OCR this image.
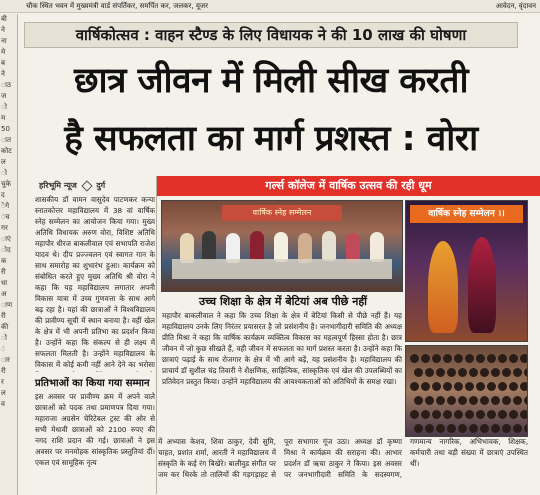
चौक स्थित भवन में मुख्यमंत्री वार्ड संपर्तिकर, समर्पित कर, जलकर, यूजर	आवेदन, वृंदावन
बी
ने
ना
मे
ब
ने
ाठ
ज
ो
म
50
ात
कोट
ल
ो
चुके
द
ेंगे
ंच
गर
ाएं
ोद
क
री
धा
अ
ाण
री
की
ो
ं
ार
री
र
ल
व
वार्षिकोत्सव : वाहन स्टैण्ड के लिए विधायक ने की 10 लाख की घोषणा
छात्र जीवन में मिली सीख करती
है सफलता का मार्ग प्रशस्त : वोरा
हरिभूमि न्यूज दुर्ग
शासकीय डॉ वामन वासुदेव पाटणकर कन्या स्नातकोत्तर महाविद्यालय में 38 वां वार्षिक स्नेह सम्मेलन का आयोजन किया गया। मुख्य अतिथि विधायक अरुण वोरा, विशिष्ट अतिथि महापौर धीरज बाकलीवाल एवं सभापति राजेश यादव थे। दीप प्रज्ज्वलन एवं स्वागत गान के साथ समारोह का शुभारंभ हुआ। कार्यक्रम को संबोधित करते हुए मुख्य अतिथि श्री वोरा ने कहा कि यह महाविद्यालय लगातार अपनी विकास यात्रा में उच्च गुणवत्ता के साथ आगे बढ़ रहा है। यहां की छात्राओं ने विश्वविद्यालय की प्रावीण्य सूची में स्थान बनाया है। वहीं खेल के क्षेत्र में भी अपनी प्रतिभा का प्रदर्शन किया है। उन्होंने कहा कि संकल्प से ही लक्ष्य में सफलता मिलती है। उन्होंने महाविद्यालय के विकास में कोई कमी नहीं आने देने का भरोसा
प्रतिभाओं का किया गया सम्मान
इस अवसर पर प्रावीण्य क्रम में अपने वाले छात्राओं को पदक तथा प्रमाणपत्र दिया गया। महाराजा अग्रसेन चेरिटेबल ट्रस्ट की ओर से सभी मेधावी छात्राओं को 2100 रुपए की नगद राशि प्रदान की गई। छात्राओं ने इस अवसर पर मनमोहक सांस्कृतिक प्रस्तुतियां दीं। एकल एवं सामूहिक नृत्य
गर्ल्स कॉलेज में वार्षिक उत्सव की रही धूम
वार्षिक स्नेह सम्मेलन	वार्षिक स्नेह सम्मेलन ।।
उच्च शिक्षा के क्षेत्र में बेटियां अब पीछे नहीं
महापौर बाकलीवाल ने कहा कि उच्च शिक्षा के क्षेत्र में बेटियां किसी से पीछे नहीं हैं। यह महाविद्यालय उनके लिए निरंतर प्रयासरत है जो प्रसंशनीय है। जनभागीदारी समिति की अध्यक्ष प्रीति मिश्रा ने कहा कि वार्षिक कार्यक्रम व्यक्तित्व विकास का महत्वपूर्ण हिस्सा होता है। छात्र जीवन में जो कुछ सीखते हैं, वही जीवन में सफलता का मार्ग प्रशस्त करता है। उन्होंने कहा कि छात्राएं पढ़ाई के साथ रोजगार के क्षेत्र में भी आगे बढ़ें, यह प्रसंशनीय है। महाविद्यालय की प्राचार्य डॉ सुशील चंद्र तिवारी ने शैक्षणिक, साहित्यिक, सांस्कृतिक एवं खेल की उपलब्धियों का प्रतिवेदन प्रस्तुत किया। उन्होंने महाविद्यालय की आवश्यकताओं को अतिथियों के समक्ष रखा।
में अभ्यास केशव, शिवा ठाकुर, देवी सुमि, चाहत, प्रशांत शर्मा, आरती ने महाविद्यालय में संस्कृति के कई रंग बिखेरे। बालीवुड संगीत पर जम कर थिरके तो तालियों की गड़गड़ाहट से पूरा सभागार गूंज उठा। अध्यक्ष डॉ कृष्णा मिश्रा ने कार्यक्रम की सराहना की। आभार प्रदर्शन डॉ ऋचा ठाकुर ने किया। इस अवसर पर जनभागीदारी समिति के सदस्यगण, गणमान्य नागरिक, अभिभावक, शिक्षक, कर्मचारी तथा बड़ी संख्या में छात्राएं उपस्थित थीं।
